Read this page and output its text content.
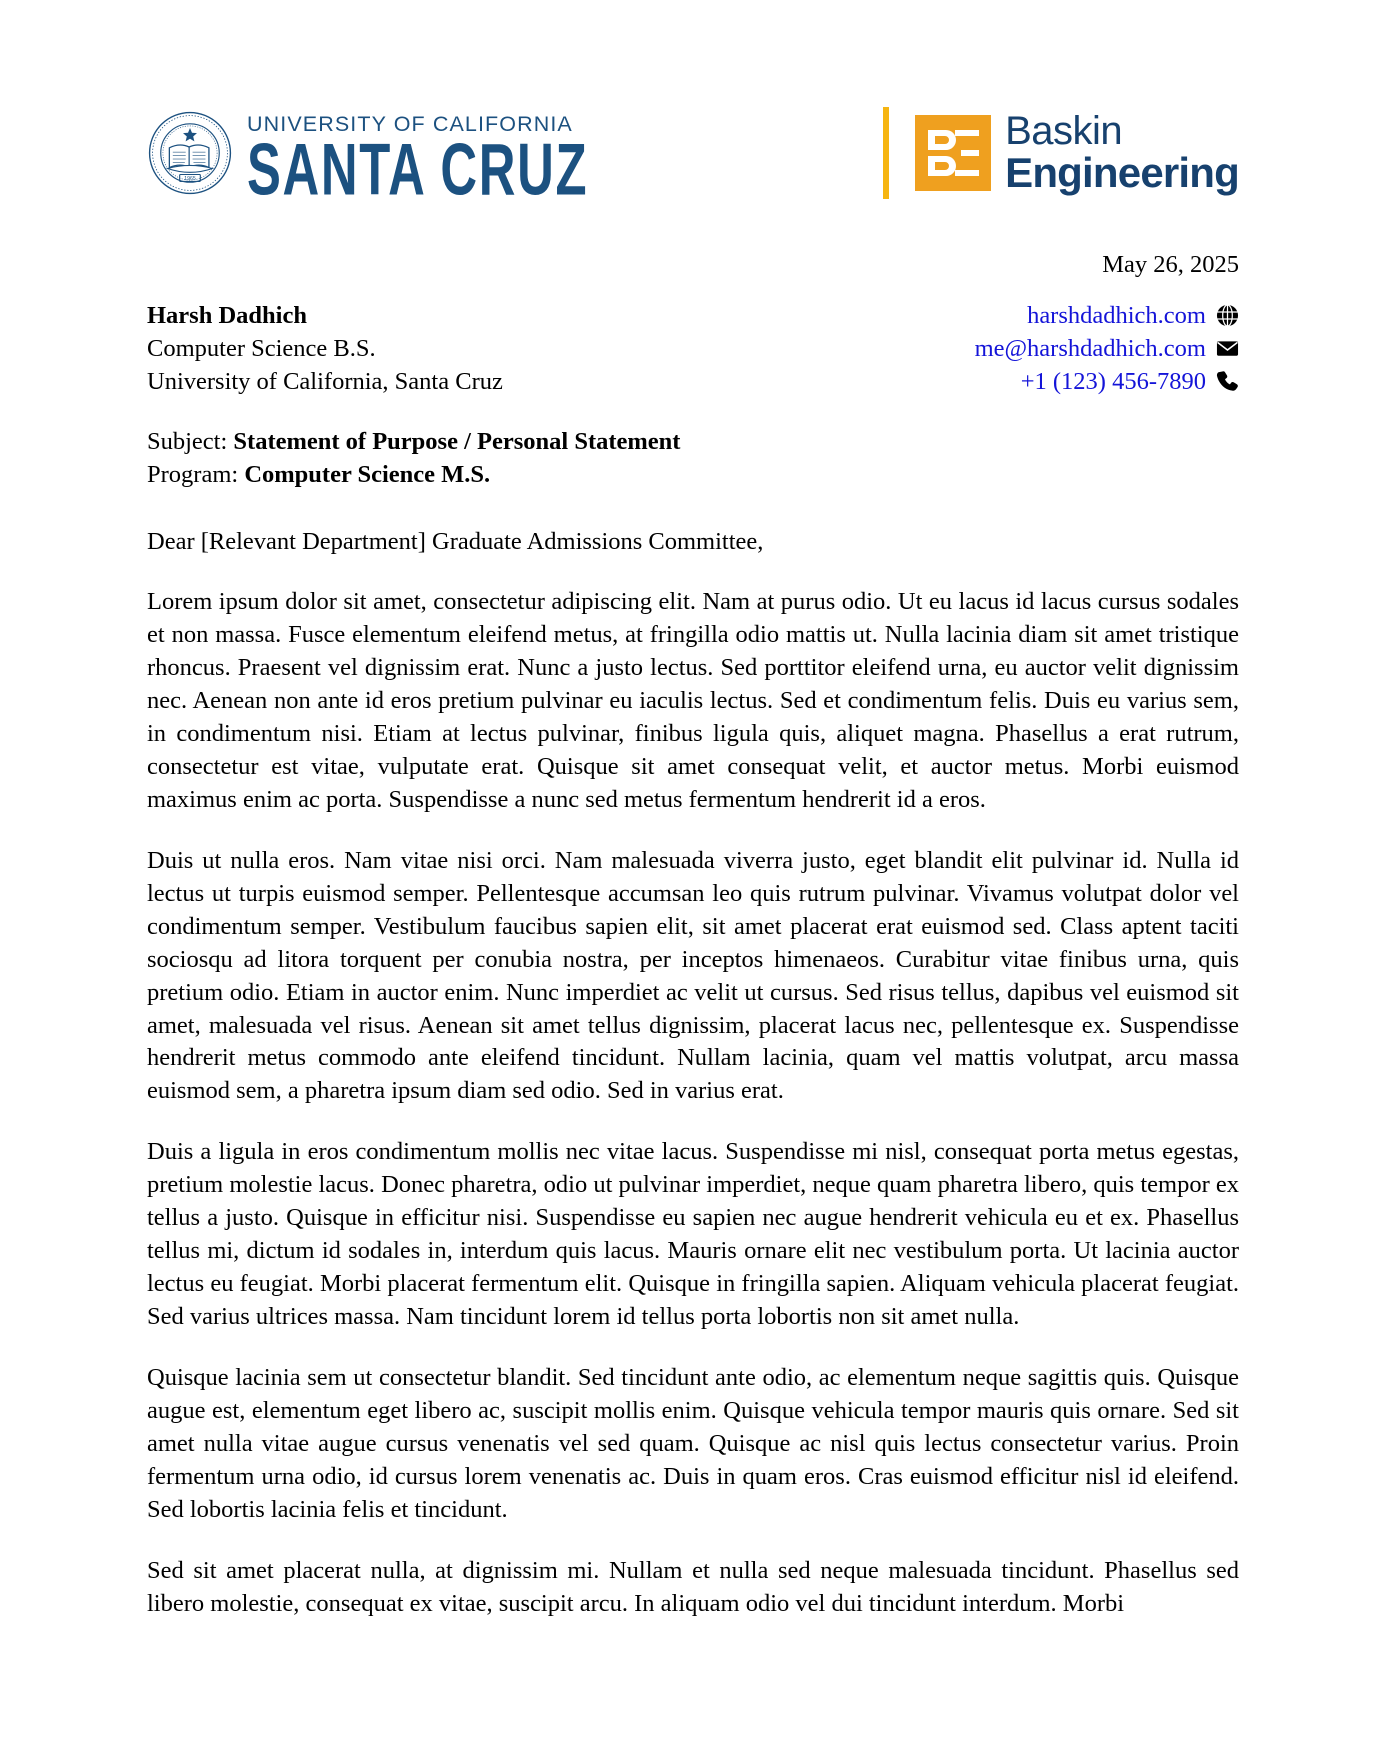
1965
UNIVERSITY OF CALIFORNIA
SANTA CRUZ	Baskin
Engineering
May 26, 2025
Harsh Dadhich
Computer Science B.S.
University of California, Santa Cruz
harshdadhich.com
me@harshdadhich.com
+1 (123) 456-7890
Subject: Statement of Purpose / Personal Statement
Program: Computer Science M.S.
Dear [Relevant Department] Graduate Admissions Committee,

Lorem ipsum dolor sit amet, consectetur adipiscing elit. Nam at purus odio. Ut eu lacus id lacus cursus sodales et non massa. Fusce elementum eleifend metus, at fringilla odio mattis ut. Nulla lacinia diam sit amet tristique rhoncus. Praesent vel dignissim erat. Nunc a justo lectus. Sed porttitor eleifend urna, eu auctor velit dignissim nec. Aenean non ante id eros pretium pulvinar eu iaculis lectus. Sed et condimentum felis. Duis eu varius sem, in condimentum nisi. Etiam at lectus pulvinar, finibus ligula quis, aliquet magna. Phasellus a erat rutrum, consectetur est vitae, vulputate erat. Quisque sit amet consequat velit, et auctor metus. Morbi euismod maximus enim ac porta. Suspendisse a nunc sed metus fermentum hendrerit id a eros.

Duis ut nulla eros. Nam vitae nisi orci. Nam malesuada viverra justo, eget blandit elit pulvinar id. Nulla id lectus ut turpis euismod semper. Pellentesque accumsan leo quis rutrum pulvinar. Vivamus volutpat dolor vel condimentum semper. Vestibulum faucibus sapien elit, sit amet placerat erat euismod sed. Class aptent taciti sociosqu ad litora torquent per conubia nostra, per inceptos himenaeos. Curabitur vitae finibus urna, quis pretium odio. Etiam in auctor enim. Nunc imperdiet ac velit ut cursus. Sed risus tellus, dapibus vel euismod sit amet, malesuada vel risus. Aenean sit amet tellus dignissim, placerat lacus nec, pellentesque ex. Suspendisse hendrerit metus commodo ante eleifend tincidunt. Nullam lacinia, quam vel mattis volutpat, arcu massa euismod sem, a pharetra ipsum diam sed odio. Sed in varius erat.

Duis a ligula in eros condimentum mollis nec vitae lacus. Suspendisse mi nisl, consequat porta metus egestas, pretium molestie lacus. Donec pharetra, odio ut pulvinar imperdiet, neque quam pharetra libero, quis tempor ex tellus a justo. Quisque in efficitur nisi. Suspendisse eu sapien nec augue hendrerit vehicula eu et ex. Phasellus tellus mi, dictum id sodales in, interdum quis lacus. Mauris ornare elit nec vestibulum porta. Ut lacinia auctor lectus eu feugiat. Morbi placerat fermentum elit. Quisque in fringilla sapien. Aliquam vehicula placerat feugiat. Sed varius ultrices massa. Nam tincidunt lorem id tellus porta lobortis non sit amet nulla.

Quisque lacinia sem ut consectetur blandit. Sed tincidunt ante odio, ac elementum neque sagittis quis. Quisque augue est, elementum eget libero ac, suscipit mollis enim. Quisque vehicula tempor mauris quis ornare. Sed sit amet nulla vitae augue cursus venenatis vel sed quam. Quisque ac nisl quis lectus consectetur varius. Proin fermentum urna odio, id cursus lorem venenatis ac. Duis in quam eros. Cras euismod efficitur nisl id eleifend. Sed lobortis lacinia felis et tincidunt.

Sed sit amet placerat nulla, at dignissim mi. Nullam et nulla sed neque malesuada tincidunt. Phasellus sed libero molestie, consequat ex vitae, suscipit arcu. In aliquam odio vel dui tincidunt interdum. Morbi
